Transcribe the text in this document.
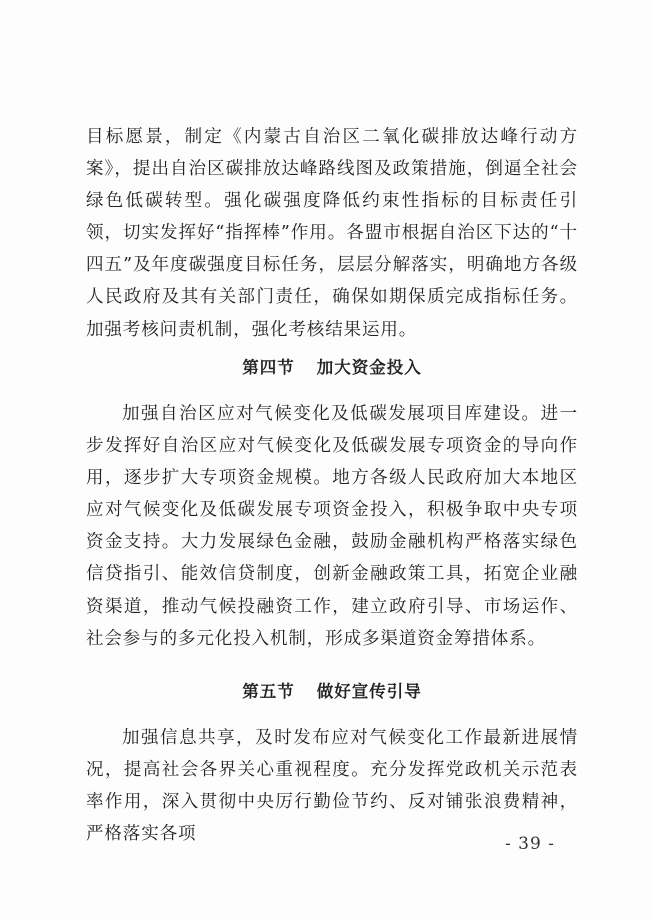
目标愿景，制定《内蒙古自治区二氧化碳排放达峰行动方案》，提出自治区碳排放达峰路线图及政策措施，倒逼全社会绿色低碳转型。强化碳强度降低约束性指标的目标责任引领，切实发挥好“指挥棒”作用。各盟市根据自治区下达的“十四五”及年度碳强度目标任务，层层分解落实，明确地方各级人民政府及其有关部门责任，确保如期保质完成指标任务。加强考核问责机制，强化考核结果运用。

第四节 加大资金投入

加强自治区应对气候变化及低碳发展项目库建设。进一步发挥好自治区应对气候变化及低碳发展专项资金的导向作用，逐步扩大专项资金规模。地方各级人民政府加大本地区应对气候变化及低碳发展专项资金投入，积极争取中央专项资金支持。大力发展绿色金融，鼓励金融机构严格落实绿色信贷指引、能效信贷制度，创新金融政策工具，拓宽企业融资渠道，推动气候投融资工作，建立政府引导、市场运作、社会参与的多元化投入机制，形成多渠道资金筹措体系。

第五节 做好宣传引导

加强信息共享，及时发布应对气候变化工作最新进展情况，提高社会各界关心重视程度。充分发挥党政机关示范表率作用，深入贯彻中央厉行勤俭节约、反对铺张浪费精神，严格落实各项	- 39 -
